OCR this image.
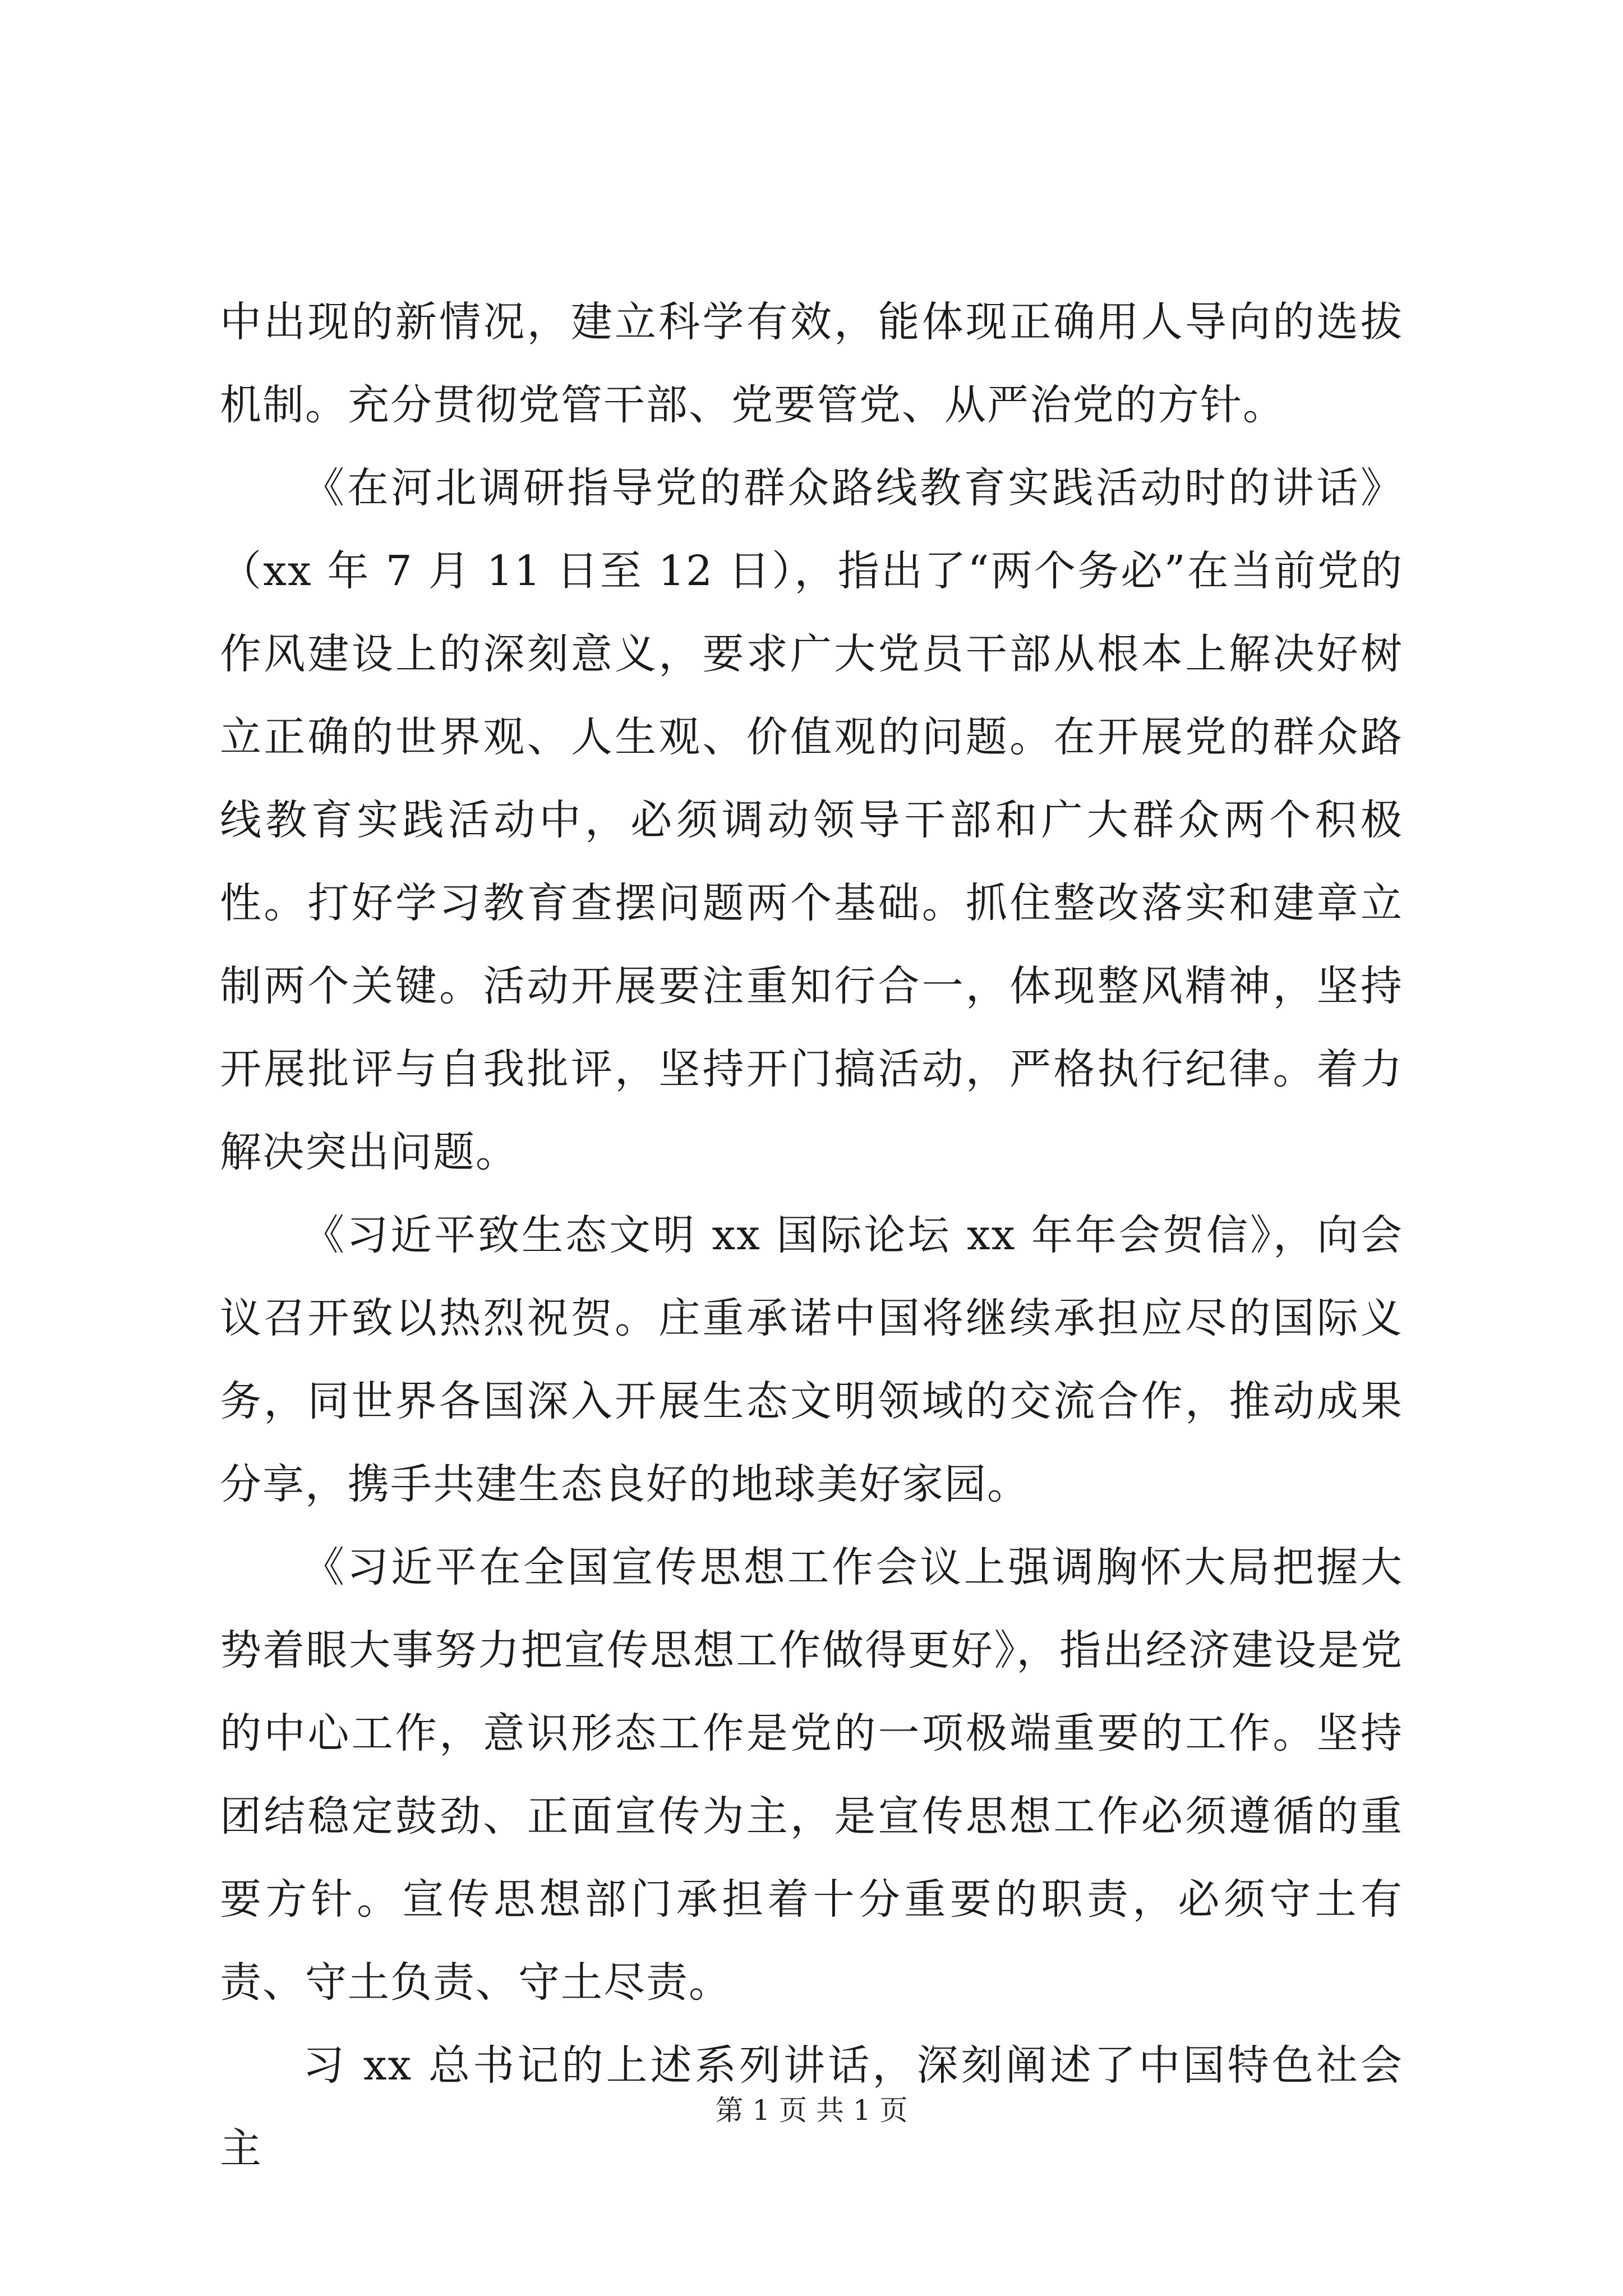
中出现的新情况，建立科学有效，能体现正确用人导向的选拔机制。充分贯彻党管干部、党要管党、从严治党的方针。

《在河北调研指导党的群众路线教育实践活动时的讲话》（xx 年 7 月 11 日至 12 日），指出了“两个务必”在当前党的作风建设上的深刻意义，要求广大党员干部从根本上解决好树立正确的世界观、人生观、价值观的问题。在开展党的群众路线教育实践活动中，必须调动领导干部和广大群众两个积极性。打好学习教育查摆问题两个基础。抓住整改落实和建章立制两个关键。活动开展要注重知行合一，体现整风精神，坚持开展批评与自我批评，坚持开门搞活动，严格执行纪律。着力解决突出问题。

《习近平致生态文明 xx 国际论坛 xx 年年会贺信》，向会议召开致以热烈祝贺。庄重承诺中国将继续承担应尽的国际义务，同世界各国深入开展生态文明领域的交流合作，推动成果分享，携手共建生态良好的地球美好家园。

《习近平在全国宣传思想工作会议上强调胸怀大局把握大势着眼大事努力把宣传思想工作做得更好》，指出经济建设是党的中心工作，意识形态工作是党的一项极端重要的工作。坚持团结稳定鼓劲、正面宣传为主，是宣传思想工作必须遵循的重要方针。宣传思想部门承担着十分重要的职责，必须守土有责、守土负责、守土尽责。

习 xx 总书记的上述系列讲话，深刻阐述了中国特色社会主

第 1 页 共 1 页
